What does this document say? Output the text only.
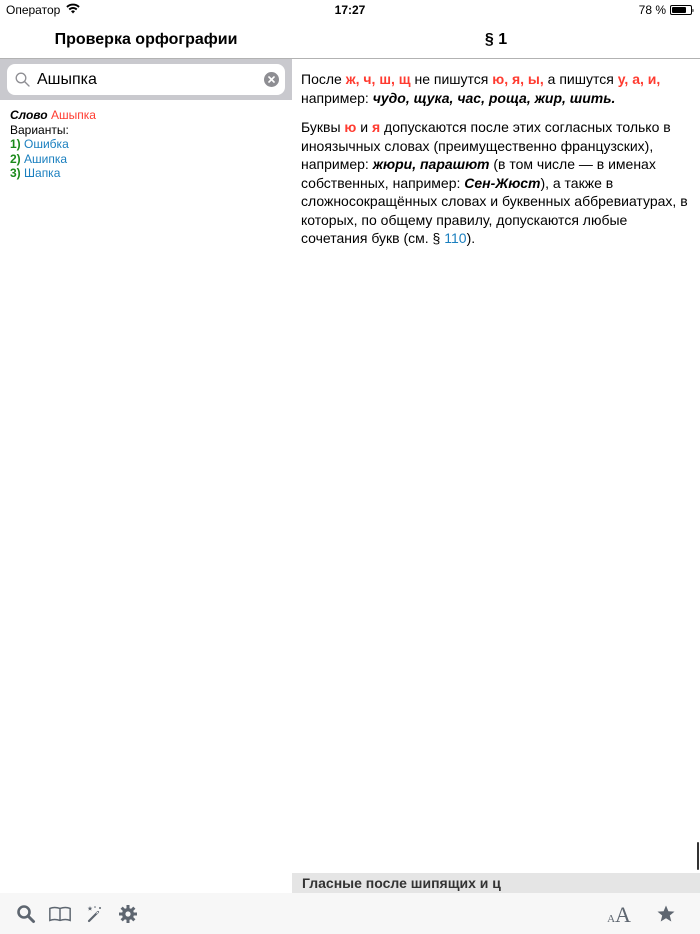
Оператор	17:27	78 %
Проверка орфографии	§ 1
Ашыпка
Слово Ашыпка
Варианты:
1) Ошибка
2) Ашипка
3) Шапка

После ж, ч, ш, щ не пишутся ю, я, ы, а пишутся у, а, и, например: чудо, щука, час, роща, жир, шить.

Буквы ю и я допускаются после этих согласных только в иноязычных словах (преимущественно французских), например: жюри, парашют (в том числе — в именах собственных, например: Сен-Жюст), а также в сложносокращённых словах и буквенных аббревиатурах, в которых, по общему правилу, допускаются любые сочетания букв (см. § 110).

Гласные после шипящих и ц
A A
